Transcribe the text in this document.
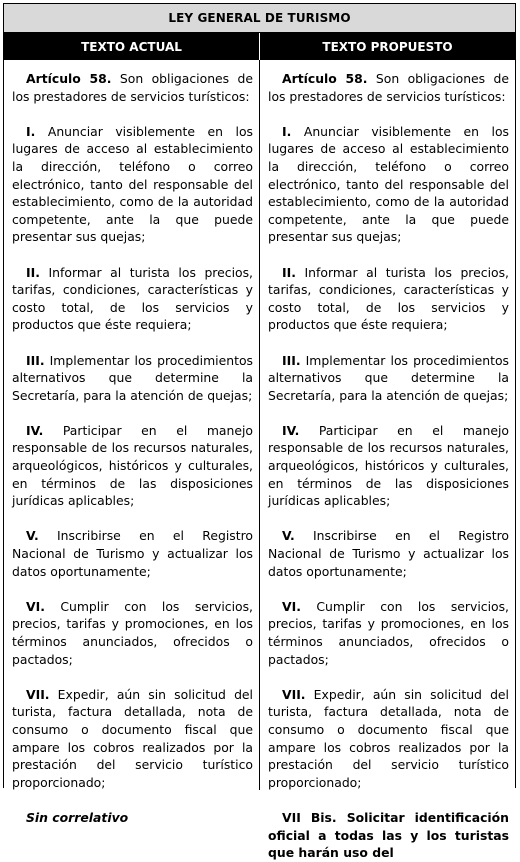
LEY GENERAL DE TURISMO
TEXTO ACTUAL	TEXTO PROPUESTO

Artículo 58. Son obligaciones de los prestadores de servicios turísticos:

I. Anunciar visiblemente en los lugares de acceso al establecimiento la dirección, teléfono o correo electrónico, tanto del responsable del establecimiento, como de la autoridad competente, ante la que puede presentar sus quejas;

II. Informar al turista los precios, tarifas, condiciones, características y costo total, de los servicios y productos que éste requiera;

III. Implementar los procedimientos alternativos que determine la Secretaría, para la atención de quejas;

IV. Participar en el manejo responsable de los recursos naturales, arqueológicos, históricos y culturales, en términos de las disposiciones jurídicas aplicables;

V. Inscribirse en el Registro Nacional de Turismo y actualizar los datos oportunamente;

VI. Cumplir con los servicios, precios, tarifas y promociones, en los términos anunciados, ofrecidos o pactados;

VII. Expedir, aún sin solicitud del turista, factura detallada, nota de consumo o documento fiscal que ampare los cobros realizados por la prestación del servicio turístico proporcionado;

Sin correlativo

Artículo 58. Son obligaciones de los prestadores de servicios turísticos:

I. Anunciar visiblemente en los lugares de acceso al establecimiento la dirección, teléfono o correo electrónico, tanto del responsable del establecimiento, como de la autoridad competente, ante la que puede presentar sus quejas;

II. Informar al turista los precios, tarifas, condiciones, características y costo total, de los servicios y productos que éste requiera;

III. Implementar los procedimientos alternativos que determine la Secretaría, para la atención de quejas;

IV. Participar en el manejo responsable de los recursos naturales, arqueológicos, históricos y culturales, en términos de las disposiciones jurídicas aplicables;

V. Inscribirse en el Registro Nacional de Turismo y actualizar los datos oportunamente;

VI. Cumplir con los servicios, precios, tarifas y promociones, en los términos anunciados, ofrecidos o pactados;

VII. Expedir, aún sin solicitud del turista, factura detallada, nota de consumo o documento fiscal que ampare los cobros realizados por la prestación del servicio turístico proporcionado;

VII Bis. Solicitar identificación oficial a todas las y los turistas que harán uso del
